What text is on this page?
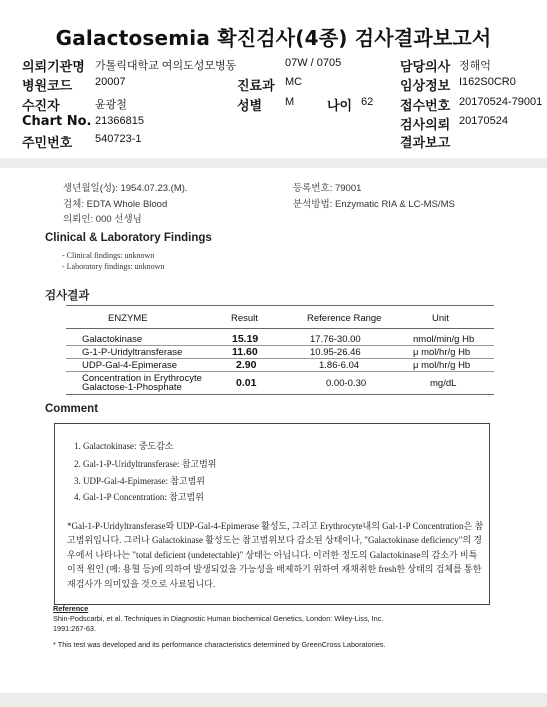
Galactosemia 확진검사(4종) 검사결과보고서
의뢰기관명 가톨릭대학교 여의도성모병동	07W / 0705	담당의사 정해억
병원코드 20007	진료과 MC	임상정보 I162S0CR0
수진자	윤광철	성별 M	나이 62 접수번호 20170524-79001
Chart No. 21366815	검사의뢰 20170524
주민번호 540723-1	결과보고
생년월일(성): 1954.07.23.(M).	등록번호: 79001
검체: EDTA Whole Blood	분석방법: Enzymatic RIA & LC-MS/MS
의뢰인: 000 선생님
Clinical & Laboratory Findings
- Clinical findings: unknown
- Laboratory findings: unknown
검사결과
ENZYME	Result	Reference Range	Unit
Galactokinase	15.19	17.76-30.00	nmol/min/g Hb
G-1-P-Uridyltransferase	11.60	10.95-26.46	μ mol/hr/g Hb
UDP-Gal-4-Epimerase	2.90	1.86-6.04	μ mol/hr/g Hb
Concentration in Erythrocyte
Galactose-1-Phosphate	0.01	0.00-0.30	mg/dL
Comment
1. Galactokinase: 중도감소
2. Gal-1-P-Uridyltransferase: 참고범위
3. UDP-Gal-4-Epimerase: 참고범위
4. Gal-1-P Concentration: 참고범위
*Gal-1-P-Uridyltransferase와 UDP-Gal-4-Epimerase 활성도, 그리고 Erythrocyte내의 Gal-1-P Concentration은 참고범위입니다. 그러나 Galactokinase 활성도는 참고범위보다 감소된 상태이나, "Galactokinase deficiency"의 경우에서 나타나는 "total deficient (undetectable)" 상태는 아닙니다. 이러한 정도의 Galactokinase의 감소가 비특이적 원인 (예: 용혈 등)에 의하여 발생되었을 가능성을 배제하기 위하여 재채취한 fresh한 상태의 검체를 통한 재검사가 의미있을 것으로 사료됩니다.
Reference
Shin-Podscarbi, et al. Techniques in Diagnostic Human biochemical Genetics, London: Wiley-Liss, Inc.
1991:267-63.
* This test was developed and its performance characteristics determined by GreenCross Laboratories.
